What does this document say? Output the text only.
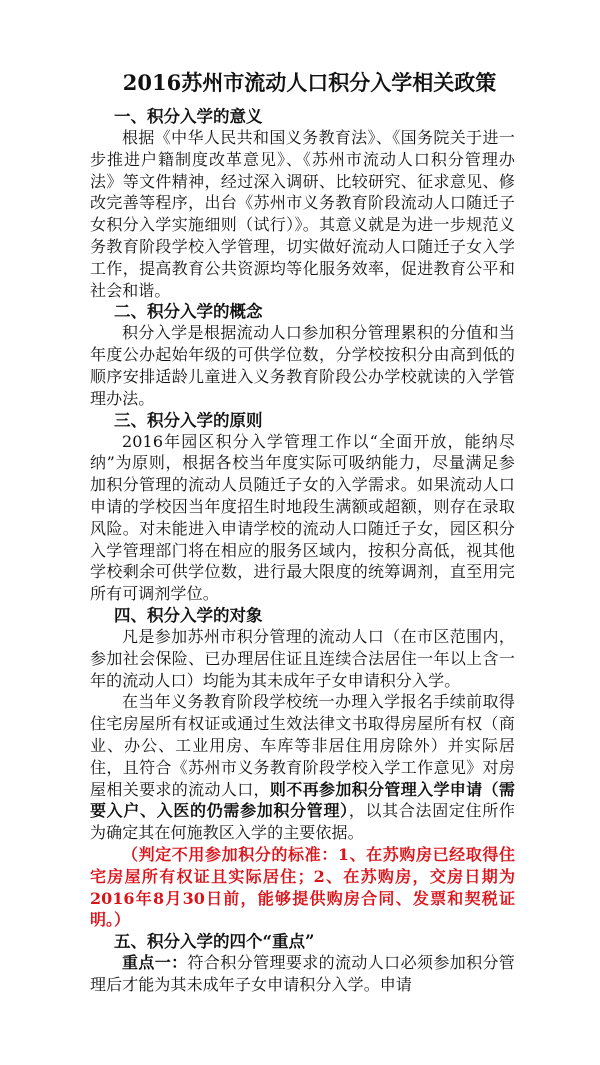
2016苏州市流动人口积分入学相关政策
一、积分入学的意义

根据《中华人民共和国义务教育法》、《国务院关于进一步推进户籍制度改革意见》、《苏州市流动人口积分管理办法》等文件精神，经过深入调研、比较研究、征求意见、修改完善等程序，出台《苏州市义务教育阶段流动人口随迁子女积分入学实施细则（试行）》。其意义就是为进一步规范义务教育阶段学校入学管理，切实做好流动人口随迁子女入学工作，提高教育公共资源均等化服务效率，促进教育公平和社会和谐。

二、积分入学的概念

积分入学是根据流动人口参加积分管理累积的分值和当年度公办起始年级的可供学位数，分学校按积分由高到低的顺序安排适龄儿童进入义务教育阶段公办学校就读的入学管理办法。

三、积分入学的原则

2016年园区积分入学管理工作以“全面开放，能纳尽纳”为原则，根据各校当年度实际可吸纳能力，尽量满足参加积分管理的流动人员随迁子女的入学需求。如果流动人口申请的学校因当年度招生时地段生满额或超额，则存在录取风险。对未能进入申请学校的流动人口随迁子女，园区积分入学管理部门将在相应的服务区域内，按积分高低，视其他学校剩余可供学位数，进行最大限度的统筹调剂，直至用完所有可调剂学位。

四、积分入学的对象

凡是参加苏州市积分管理的流动人口（在市区范围内，参加社会保险、已办理居住证且连续合法居住一年以上含一年的流动人口）均能为其未成年子女申请积分入学。

在当年义务教育阶段学校统一办理入学报名手续前取得住宅房屋所有权证或通过生效法律文书取得房屋所有权（商业、办公、工业用房、车库等非居住用房除外）并实际居住，且符合《苏州市义务教育阶段学校入学工作意见》对房屋相关要求的流动人口，则不再参加积分管理入学申请（需要入户、入医的仍需参加积分管理），以其合法固定住所作为确定其在何施教区入学的主要依据。

（判定不用参加积分的标准：1、在苏购房已经取得住宅房屋所有权证且实际居住；2、在苏购房，交房日期为2016年8月30日前，能够提供购房合同、发票和契税证明。）

五、积分入学的四个“重点”

重点一：符合积分管理要求的流动人口必须参加积分管理后才能为其未成年子女申请积分入学。申请
